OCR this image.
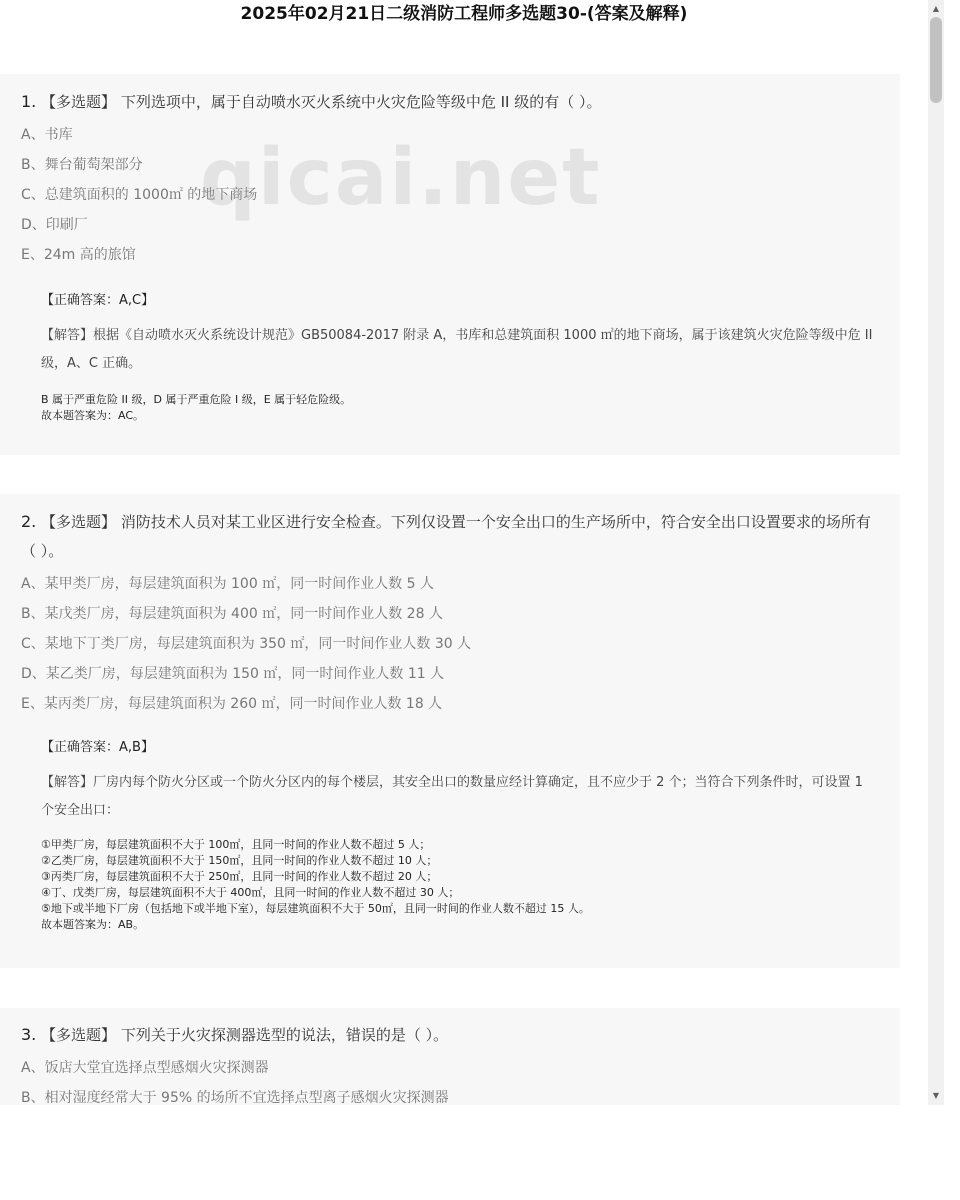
2025年02月21日二级消防工程师多选题30-(答案及解释)

1. 【多选题】 下列选项中，属于自动喷水灭火系统中火灾危险等级中危 II 级的有（ ）。

A、书库

B、舞台葡萄架部分

C、总建筑面积的 1000㎡ 的地下商场

D、印刷厂

E、24m 高的旅馆

【正确答案：A,C】
【解答】根据《自动喷水灭火系统设计规范》GB50084-2017 附录 A，书库和总建筑面积 1000 ㎡的地下商场，属于该建筑火灾危险等级中危 II 级，A、C 正确。
B 属于严重危险 II 级，D 属于严重危险 I 级，E 属于轻危险级。
故本题答案为：AC。

2. 【多选题】 消防技术人员对某工业区进行安全检查。下列仅设置一个安全出口的生产场所中，符合安全出口设置要求的场所有（ ）。

A、某甲类厂房，每层建筑面积为 100 ㎡，同一时间作业人数 5 人

B、某戊类厂房，每层建筑面积为 400 ㎡，同一时间作业人数 28 人

C、某地下丁类厂房，每层建筑面积为 350 ㎡，同一时间作业人数 30 人

D、某乙类厂房，每层建筑面积为 150 ㎡，同一时间作业人数 11 人

E、某丙类厂房，每层建筑面积为 260 ㎡，同一时间作业人数 18 人

【正确答案：A,B】
【解答】厂房内每个防火分区或一个防火分区内的每个楼层，其安全出口的数量应经计算确定，且不应少于 2 个；当符合下列条件时，可设置 1 个安全出口：
①甲类厂房，每层建筑面积不大于 100㎡，且同一时间的作业人数不超过 5 人；
②乙类厂房，每层建筑面积不大于 150㎡，且同一时间的作业人数不超过 10 人；
③丙类厂房，每层建筑面积不大于 250㎡，且同一时间的作业人数不超过 20 人；
④丁、戊类厂房，每层建筑面积不大于 400㎡，且同一时间的作业人数不超过 30 人；
⑤地下或半地下厂房（包括地下或半地下室），每层建筑面积不大于 50㎡，且同一时间的作业人数不超过 15 人。
故本题答案为：AB。

3. 【多选题】 下列关于火灾探测器选型的说法，错误的是（ ）。

A、饭店大堂宜选择点型感烟火灾探测器

B、相对湿度经常大于 95% 的场所不宜选择点型离子感烟火灾探测器

qicai.net
▲
▼
